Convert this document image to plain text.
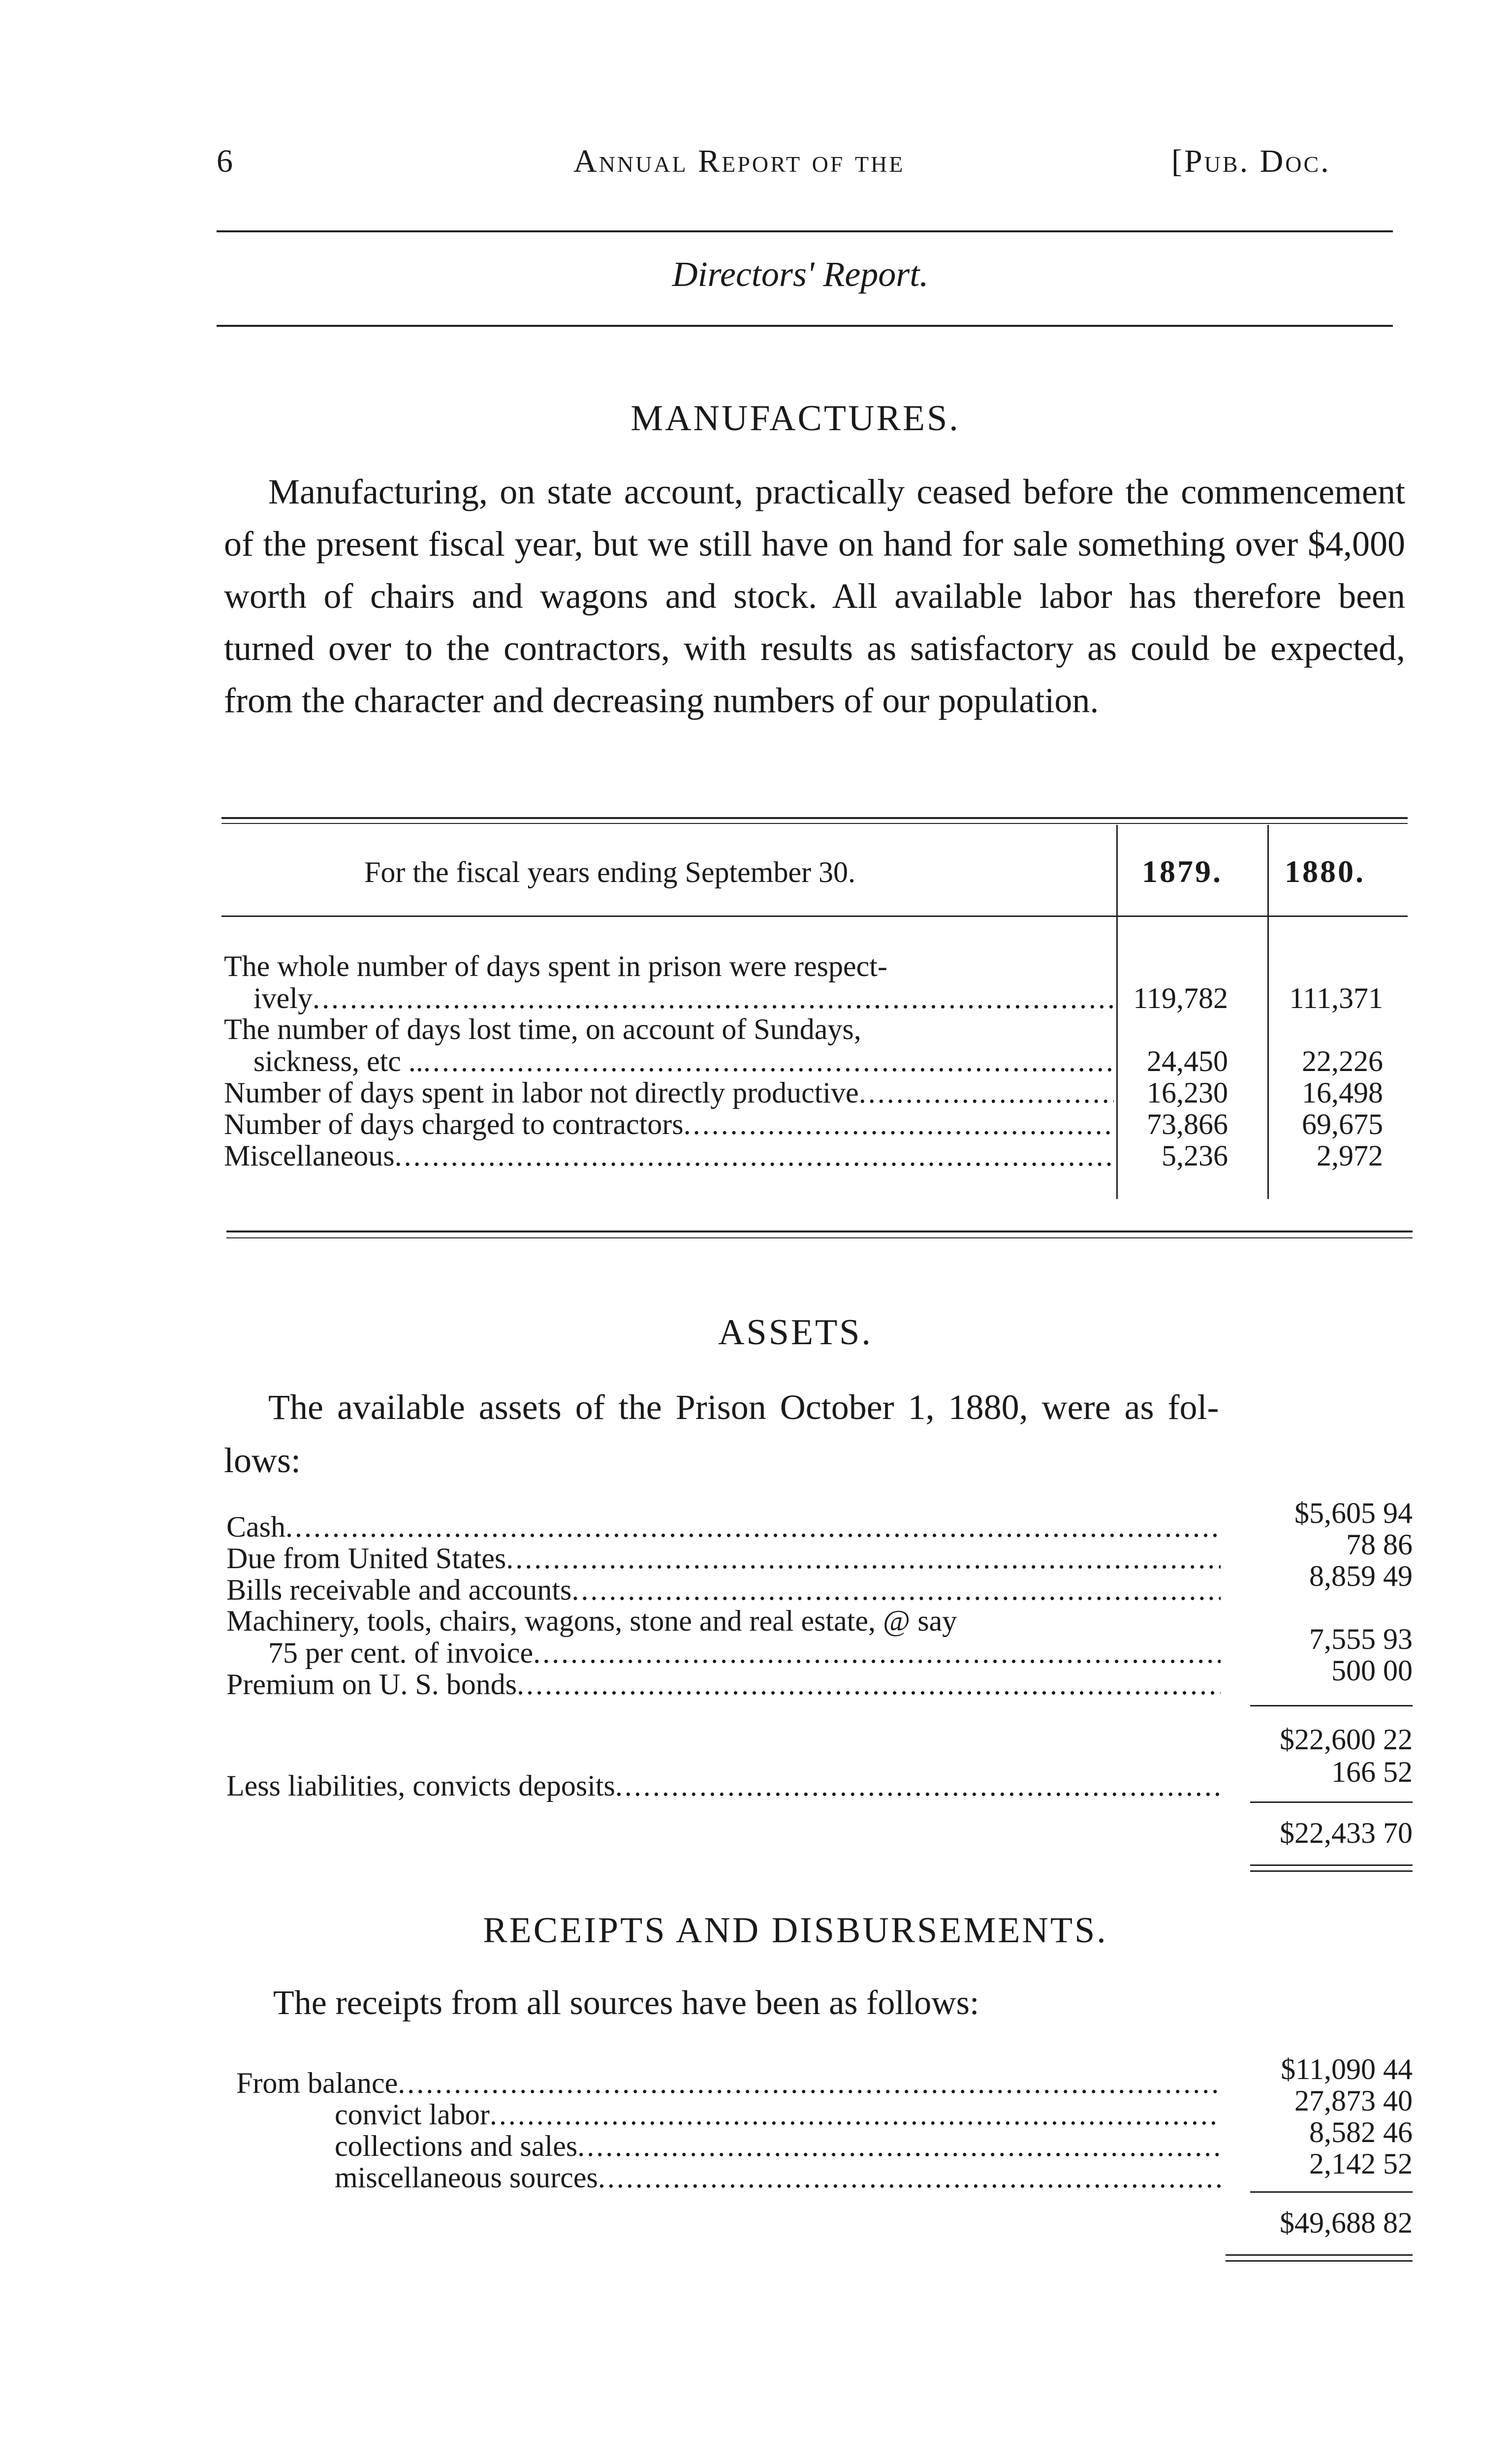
6	Annual Report of the	[Pub. Doc.
Directors' Report.
MANUFACTURES.

Manufacturing, on state account, practically ceased before the commencement of the present fiscal year, but we still have on hand for sale something over $4,000 worth of chairs and wagons and stock. All available labor has therefore been turned over to the contractors, with results as satisfactory as could be expected, from the character and decreasing numbers of our population.

For the fiscal years ending September 30.	1879. 1880.
The whole number of days spent in prison were respect-
ively .....	119,782	111,371
The number of days lost time, on account of Sundays,
sickness, etc .. .....	24,450	22,226
Number of days spent in labor not directly productive .....	16,230	16,498
Number of days charged to contractors .....	73,866	69,675
Miscellaneous .....	5,236	2,972
ASSETS.
The available assets of the Prison October 1, 1880, were as fol-
lows:
Cash .....	$5,605 94
Due from United States .....	78 86
Bills receivable and accounts .....	8,859 49
Machinery, tools, chairs, wagons, stone and real estate, @ say
75 per cent. of invoice .....	7,555 93
Premium on U. S. bonds .....	500 00
$22,600 22
Less liabilities, convicts deposits .....	166 52
$22,433 70
RECEIPTS AND DISBURSEMENTS.
The receipts from all sources have been as follows:
From balance .....	$11,090 44
convict labor .....	27,873 40
collections and sales .....	8,582 46
miscellaneous sources .....	2,142 52
$49,688 82
